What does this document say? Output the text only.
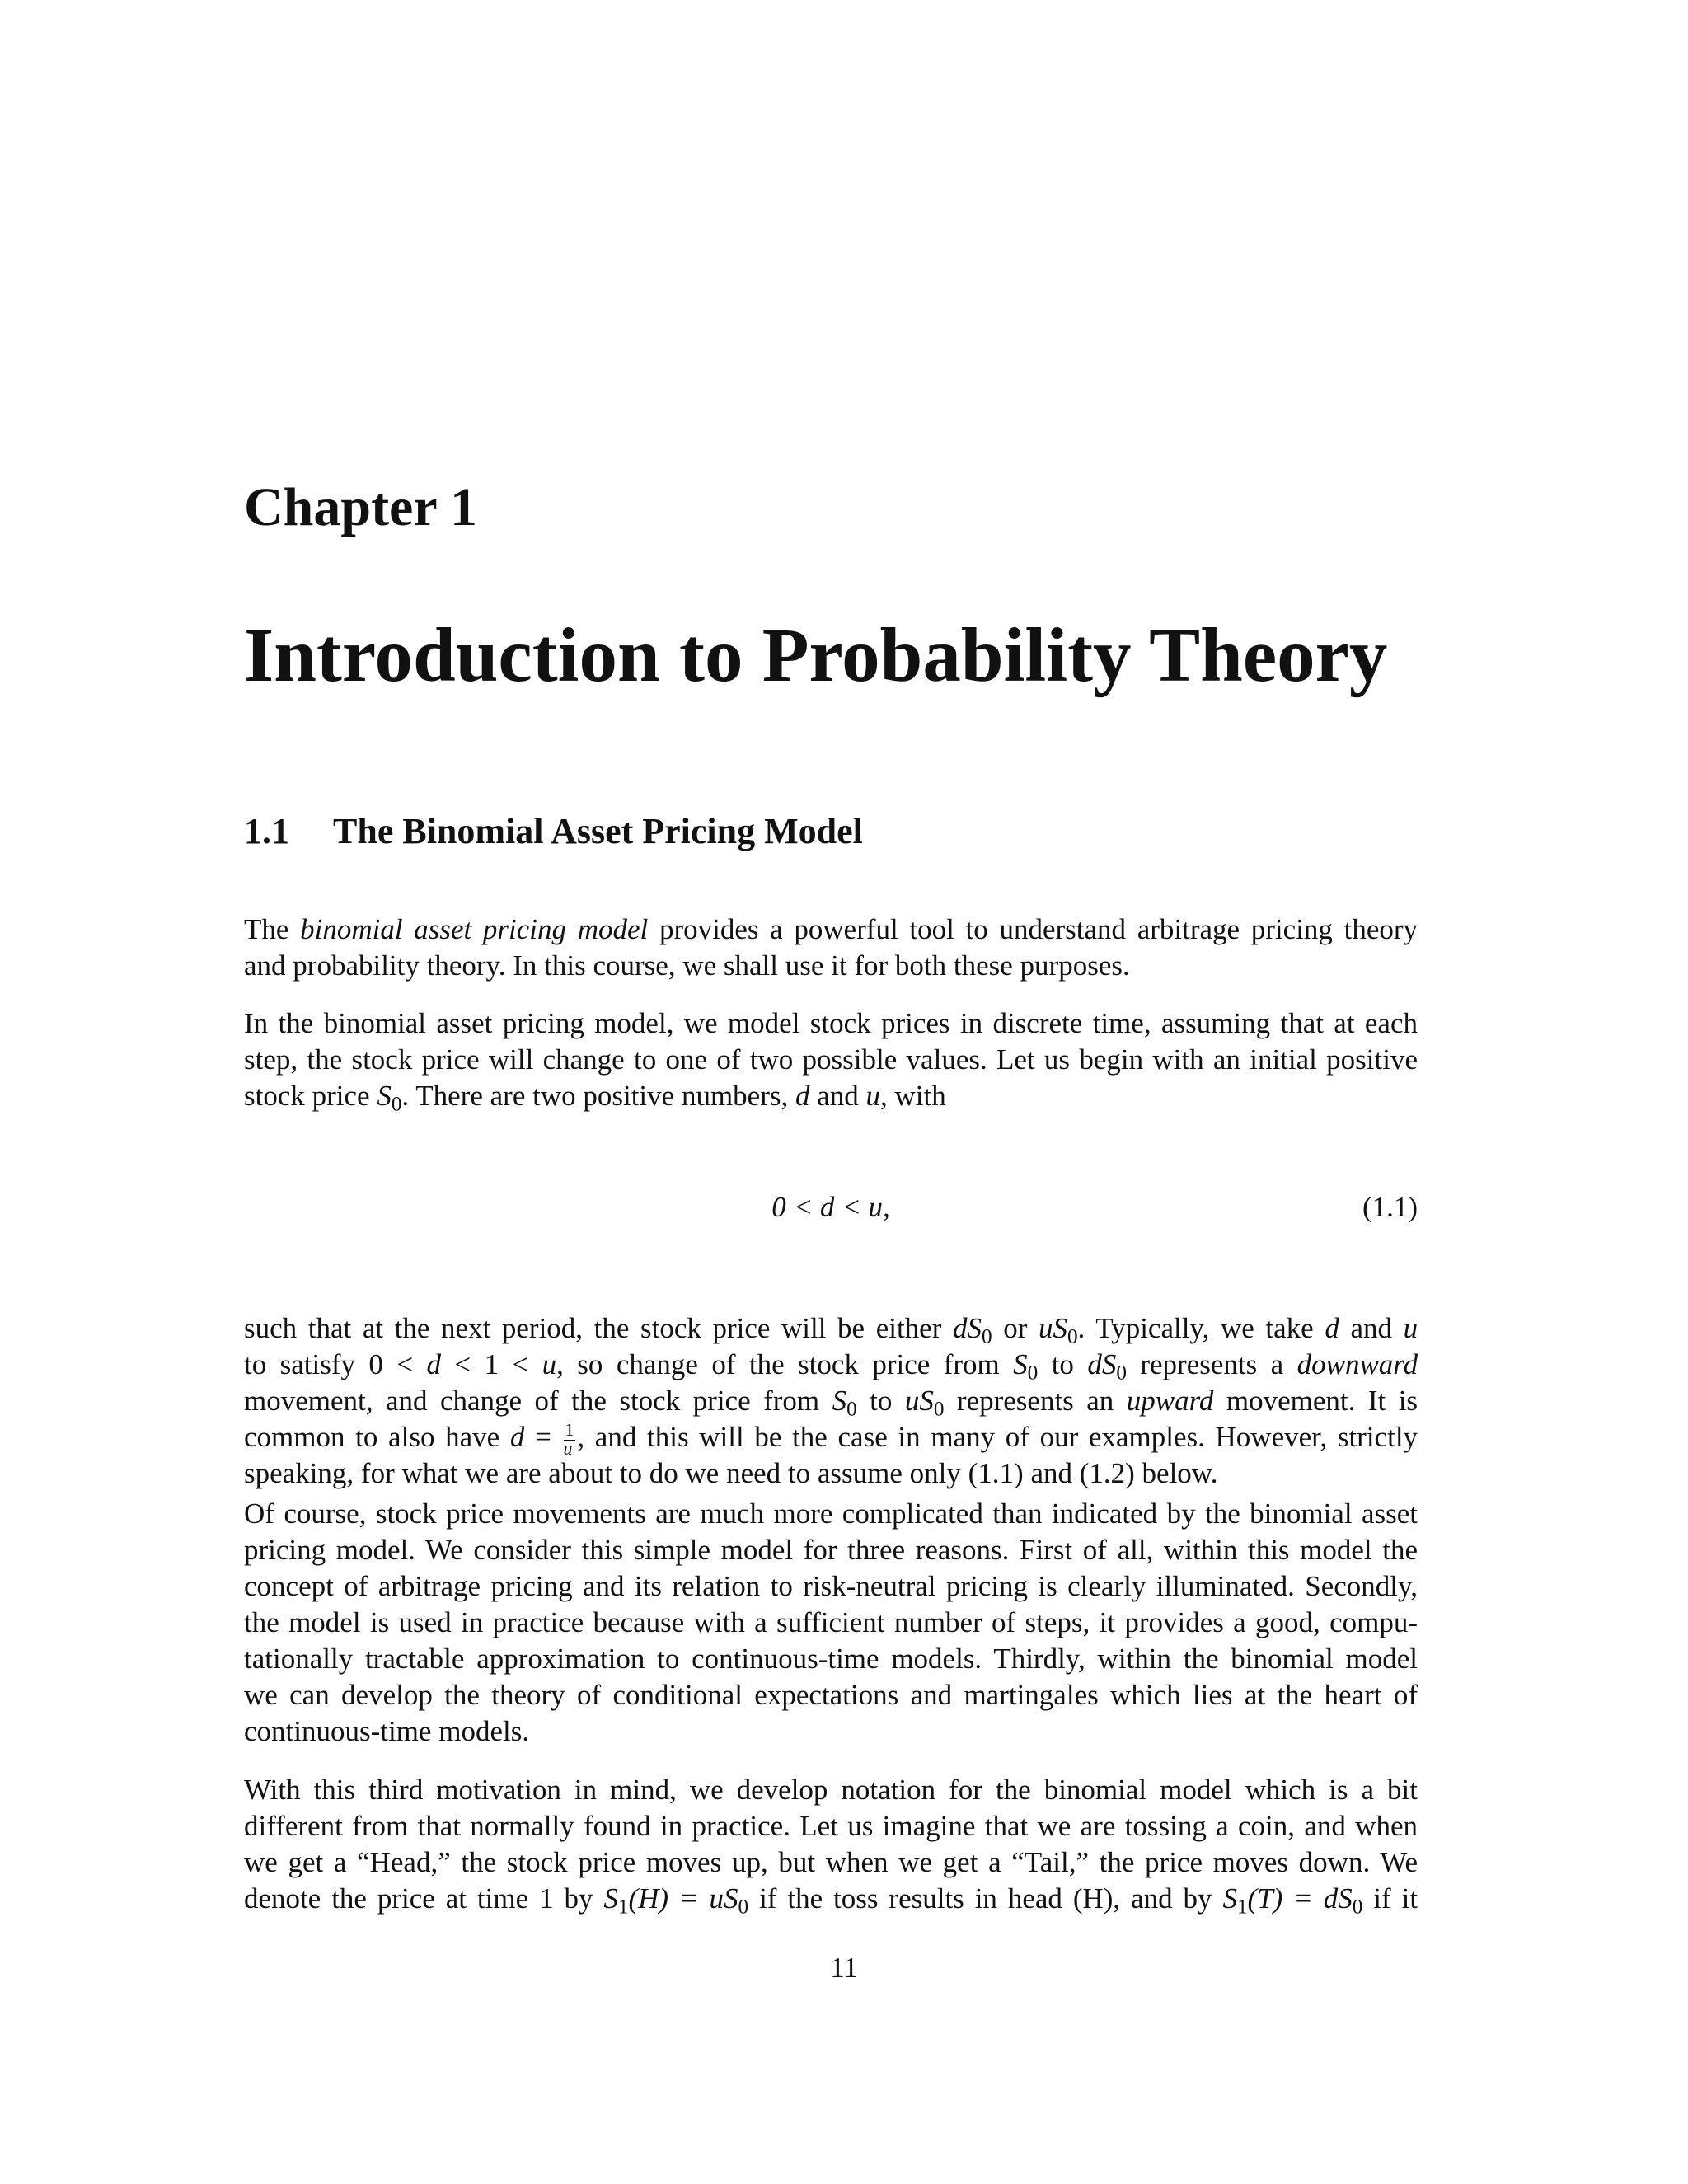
Chapter 1
Introduction to Probability Theory
1.1 The Binomial Asset Pricing Model

The binomial asset pricing model provides a powerful tool to understand arbitrage pricing theory
and probability theory. In this course, we shall use it for both these purposes.

In the binomial asset pricing model, we model stock prices in discrete time, assuming that at each
step, the stock price will change to one of two possible values. Let us begin with an initial positive
stock price $S_0$. There are two positive numbers, d and u, with

0 < d < u,	(1.1)

such that at the next period, the stock price will be either $dS_0$ or $uS_0$. Typically, we take d and u
to satisfy 0 < d < 1 < u, so change of the stock price from $S_0$ to $dS_0$ represents a downward
movement, and change of the stock price from $S_0$ to $uS_0$ represents an upward movement. It is
common to also have $d = \frac{1}{u}$ , and this will be the case in many of our examples. However, strictly
speaking, for what we are about to do we need to assume only (1.1) and (1.2) below.

Of course, stock price movements are much more complicated than indicated by the binomial asset
pricing model. We consider this simple model for three reasons. First of all, within this model the
concept of arbitrage pricing and its relation to risk-neutral pricing is clearly illuminated. Secondly,
the model is used in practice because with a sufficient number of steps, it provides a good, compu-
tationally tractable approximation to continuous-time models. Thirdly, within the binomial model
we can develop the theory of conditional expectations and martingales which lies at the heart of
continuous-time models.

With this third motivation in mind, we develop notation for the binomial model which is a bit
different from that normally found in practice. Let us imagine that we are tossing a coin, and when
we get a “Head,” the stock price moves up, but when we get a “Tail,” the price moves down. We
denote the price at time 1 by $S_1(H) = uS_0$ if the toss results in head (H), and by $S_1(T) = dS_0$ if it

11
